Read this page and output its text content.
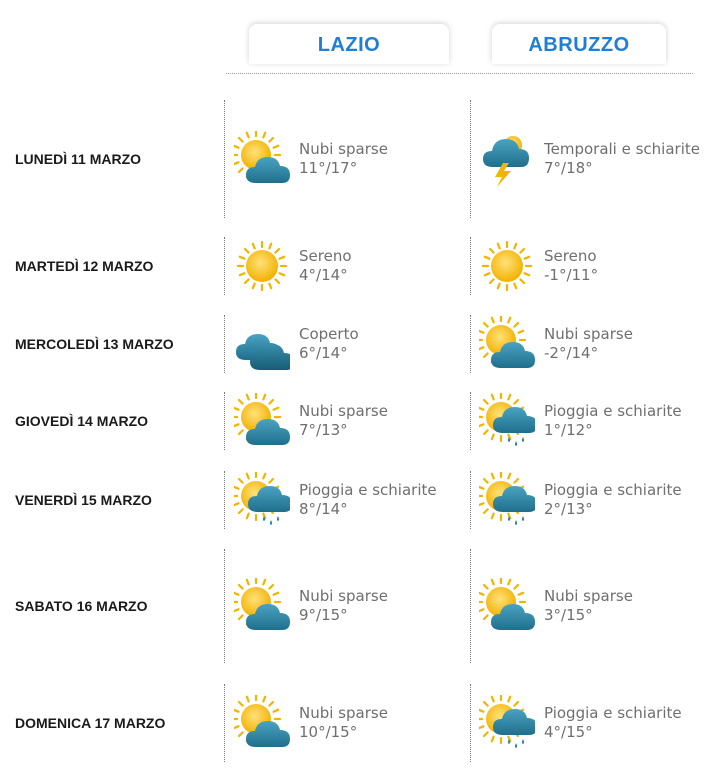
LAZIO	ABRUZZO
LUNEDÌ 11 MARZO
Nubi sparse
11°/17°
Temporali e schiarite
7°/18°
MARTEDÌ 12 MARZO
Sereno
4°/14°
Sereno
-1°/11°
MERCOLEDÌ 13 MARZO
Coperto
6°/14°
Nubi sparse
-2°/14°
GIOVEDÌ 14 MARZO
Nubi sparse
7°/13°
Pioggia e schiarite
1°/12°
VENERDÌ 15 MARZO
Pioggia e schiarite
8°/14°
Pioggia e schiarite
2°/13°
SABATO 16 MARZO
Nubi sparse
9°/15°
Nubi sparse
3°/15°
DOMENICA 17 MARZO
Nubi sparse
10°/15°
Pioggia e schiarite
4°/15°
